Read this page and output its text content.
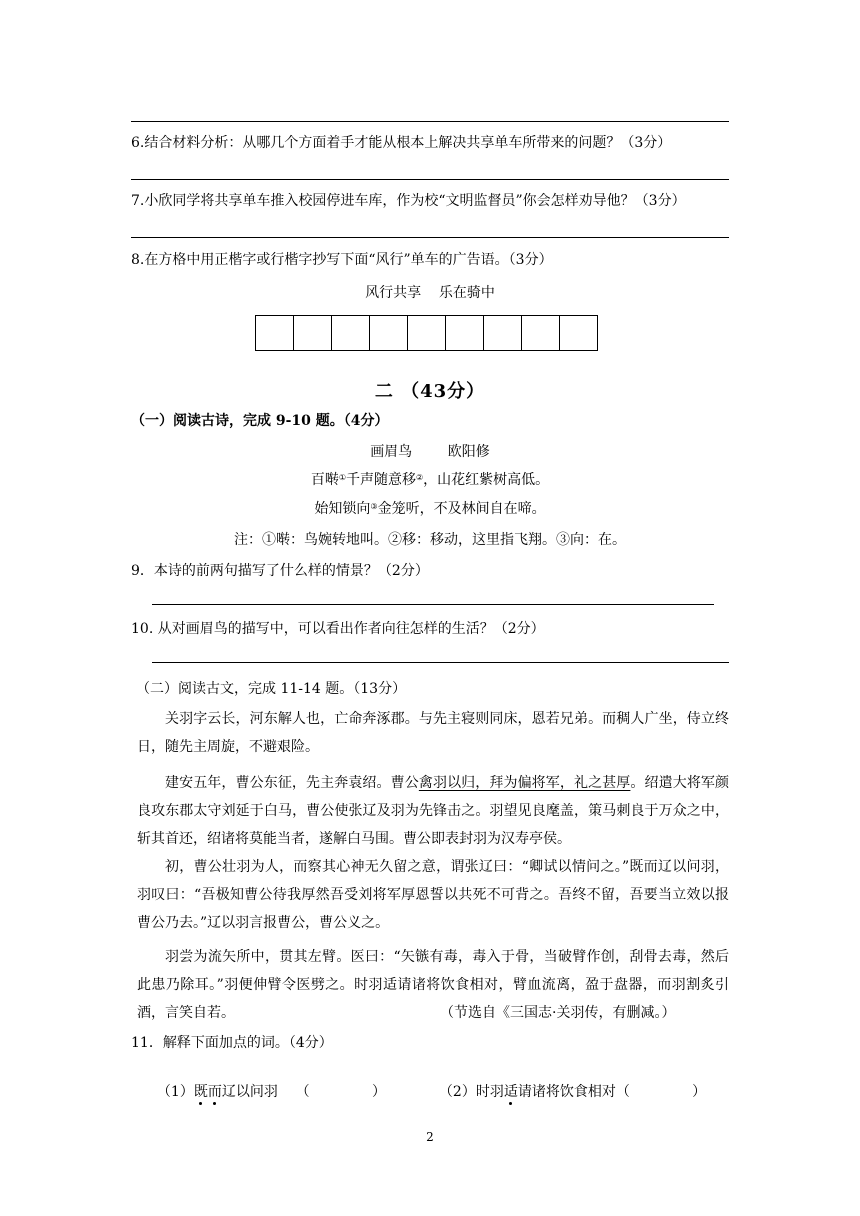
6.结合材料分析：从哪几个方面着手才能从根本上解决共享单车所带来的问题？（3分）
7.小欣同学将共享单车推入校园停进车库，作为校“文明监督员”你会怎样劝导他？（3分）
8.在方格中用正楷字或行楷字抄写下面“风行”单车的广告语。（3分）
风行共享    乐在骑中
二 （43分）
（一）阅读古诗，完成 9-10 题。（4分）
画眉鸟        欧阳修
百啭①千声随意移②，山花红紫树高低。
始知锁向③金笼听，不及林间自在啼。
注：①啭：鸟婉转地叫。②移：移动，这里指飞翔。③向：在。
9．本诗的前两句描写了什么样的情景？（2分）
10. 从对画眉鸟的描写中，可以看出作者向往怎样的生活？（2分）
（二）阅读古文，完成 11-14 题。（13分）
关羽字云长，河东解人也，亡命奔涿郡。与先主寝则同床，恩若兄弟。而稠人广坐，侍立终日，随先主周旋，不避艰险。
建安五年，曹公东征，先主奔袁绍。曹公禽羽以归，拜为偏将军，礼之甚厚。绍遣大将军颜良攻东郡太守刘延于白马，曹公使张辽及羽为先锋击之。羽望见良麾盖，策马刺良于万众之中，斩其首还，绍诸将莫能当者，遂解白马围。曹公即表封羽为汉寿亭侯。
初，曹公壮羽为人，而察其心神无久留之意，谓张辽曰：“卿试以情问之。”既而辽以问羽，羽叹曰：“吾极知曹公待我厚然吾受刘将军厚恩誓以共死不可背之。吾终不留，吾要当立效以报曹公乃去。”辽以羽言报曹公，曹公义之。
羽尝为流矢所中，贯其左臂。医曰：“矢镞有毒，毒入于骨，当破臂作创，刮骨去毒，然后此患乃除耳。”羽便伸臂令医劈之。时羽适请诸将饮食相对，臂血流离，盈于盘器，而羽割炙引酒，言笑自若。	（节选自《三国志·关羽传，有删减。）
11．解释下面加点的词。（4分）

（1）既而辽以问羽 （              ）	（2）时羽适请诸将饮食相对（              ）

2
